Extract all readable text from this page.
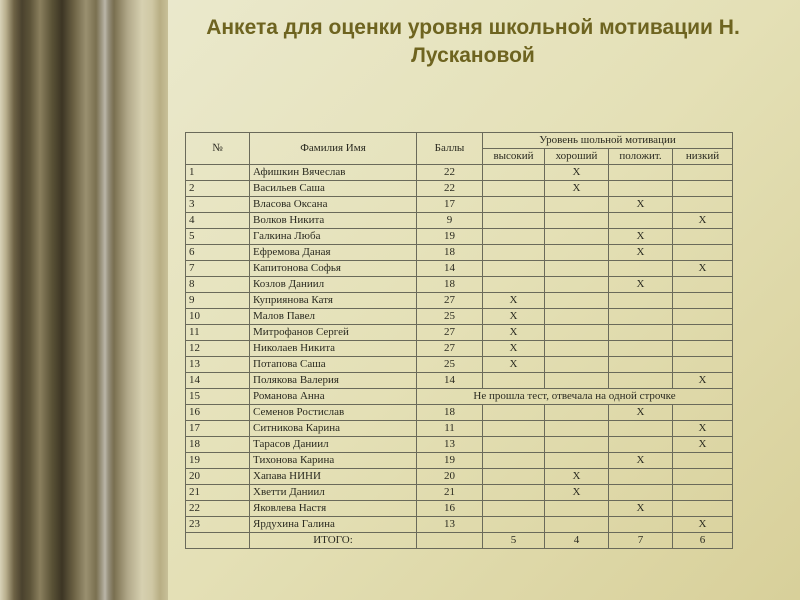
Анкета для оценки уровня школьной мотивации Н. Лускановой
№	Фамилия Имя	Баллы	Уровень шольной мотивации			
			высокий	хороший	положит.	низкий
1	Афишкин Вячеслав	22		Х		
2	Васильев Саша	22		Х		
3	Власова Оксана	17			Х	
4	Волков Никита	9				Х
5	Галкина Люба	19			Х	
6	Ефремова Даная	18			Х	
7	Капитонова Софья	14				Х
8	Козлов Даниил	18			Х	
9	Куприянова Катя	27	Х			
10	Малов Павел	25	Х			
11	Митрофанов Сергей	27	Х			
12	Николаев Никита	27	Х			
13	Потапова Саша	25	Х			
14	Полякова Валерия	14				Х
15	Романова Анна	Не прошла тест, отвечала на одной строчке				
16	Семенов Ростислав	18			Х	
17	Ситникова Карина	11				Х
18	Тарасов Даниил	13				Х
19	Тихонова Карина	19			Х	
20	Хапава НИНИ	20		Х		
21	Хветти Даниил	21		Х		
22	Яковлева Настя	16			Х	
23	Ярдухина Галина	13				Х
	ИТОГО:		5	4	7	6
